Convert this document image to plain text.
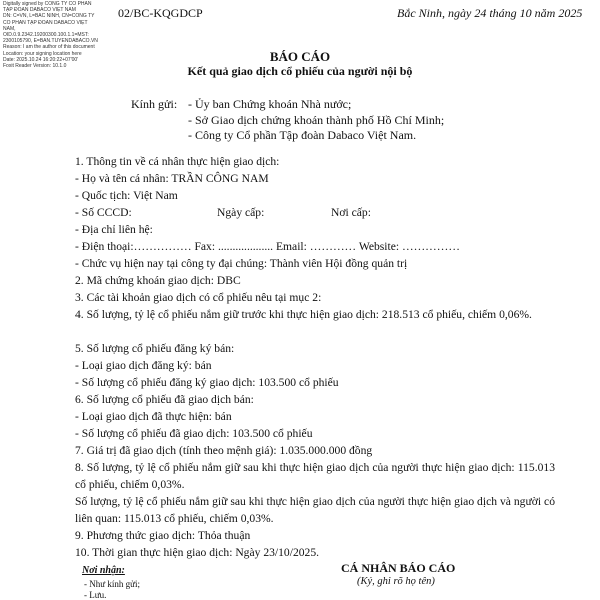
Digitally signed by CÔNG TY CỔ PHẦN
TẬP ĐOÀN DABACO VIỆT NAM
DN: C=VN, L=BẮC NINH, CN=CÔNG TY
CỔ PHẦN TẬP ĐOÀN DABACO VIỆT
NAM,
OID.0.9.2342.19200300.100.1.1=MST:
2300105790, E=BAN.TUYENDABACO.VN
Reason: I am the author of this document
Location: your signing location here
Date: 2025.10.24 16:20:22+07'00'
Foxit Reader Version: 10.1.0
02/BC-KQGDCP	Bắc Ninh, ngày 24 tháng 10 năm 2025
BÁO CÁO
Kết quả giao dịch cổ phiếu của người nội bộ
Kính gửi: - Ủy ban Chứng khoán Nhà nước;
- Sở Giao dịch chứng khoán thành phố Hồ Chí Minh;
- Công ty Cổ phần Tập đoàn Dabaco Việt Nam.
1. Thông tin về cá nhân thực hiện giao dịch:
- Họ và tên cá nhân: TRẦN CÔNG NAM
- Quốc tịch: Việt Nam
- Số CCCD:	Ngày cấp:	Nơi cấp:
- Địa chỉ liên hệ:
- Điện thoại:…………… Fax: ................... Email: ………… Website: ……………
- Chức vụ hiện nay tại công ty đại chúng: Thành viên Hội đồng quản trị
2. Mã chứng khoán giao dịch: DBC
3. Các tài khoản giao dịch có cổ phiếu nêu tại mục 2:
4. Số lượng, tỷ lệ cổ phiếu nắm giữ trước khi thực hiện giao dịch: 218.513 cổ phiếu, chiếm 0,06%.
5. Số lượng cổ phiếu đăng ký bán:
- Loại giao dịch đăng ký: bán
- Số lượng cổ phiếu đăng ký giao dịch: 103.500 cổ phiếu
6. Số lượng cổ phiếu đã giao dịch bán:
- Loại giao dịch đã thực hiện: bán
- Số lượng cổ phiếu đã giao dịch: 103.500 cổ phiếu
7. Giá trị đã giao dịch (tính theo mệnh giá): 1.035.000.000 đồng
8. Số lượng, tỷ lệ cổ phiếu nắm giữ sau khi thực hiện giao dịch của người thực hiện giao dịch: 115.013 cổ phiếu, chiếm 0,03%.
Số lượng, tỷ lệ cổ phiếu nắm giữ sau khi thực hiện giao dịch của người thực hiện giao dịch và người có liên quan: 115.013 cổ phiếu, chiếm 0,03%.
9. Phương thức giao dịch: Thỏa thuận
10. Thời gian thực hiện giao dịch: Ngày 23/10/2025.
CÁ NHÂN BÁO CÁO
(Ký, ghi rõ họ tên)
Nơi nhận:
- Như kính gửi;
- Lưu.
